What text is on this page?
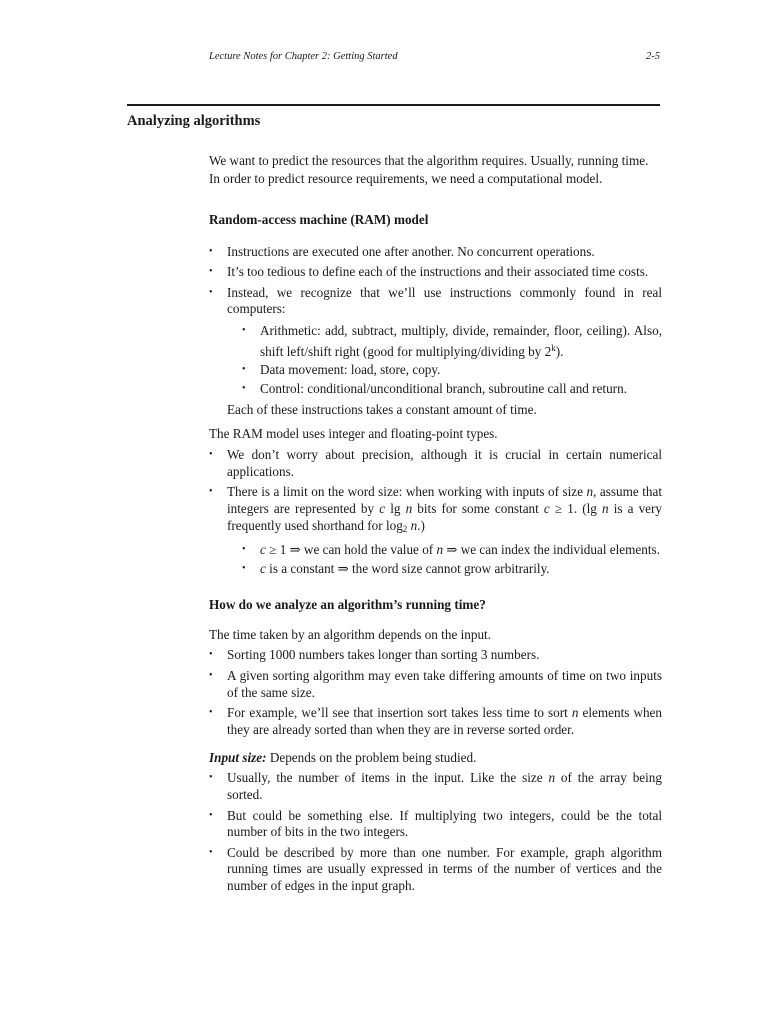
Lecture Notes for Chapter 2: Getting Started	2-5
Analyzing algorithms

We want to predict the resources that the algorithm requires. Usually, running time.

In order to predict resource requirements, we need a computational model.

Random-access machine (RAM) model

• Instructions are executed one after another. No concurrent operations.
• It’s too tedious to define each of the instructions and their associated time costs.
• Instead, we recognize that we’ll use instructions commonly found in real computers:
• Arithmetic: add, subtract, multiply, divide, remainder, floor, ceiling). Also, shift left/shift right (good for multiplying/dividing by 2$^k$).
• Data movement: load, store, copy.
• Control: conditional/unconditional branch, subroutine call and return.

Each of these instructions takes a constant amount of time.

The RAM model uses integer and floating-point types.

• We don’t worry about precision, although it is crucial in certain numerical applications.
• There is a limit on the word size: when working with inputs of size n, assume that integers are represented by c lg n bits for some constant c ≥ 1. (lg n is a very frequently used shorthand for log2 n.)
• c ≥ 1 ⇒ we can hold the value of n ⇒ we can index the individual elements.
• c is a constant ⇒ the word size cannot grow arbitrarily.

How do we analyze an algorithm’s running time?

The time taken by an algorithm depends on the input.

• Sorting 1000 numbers takes longer than sorting 3 numbers.
• A given sorting algorithm may even take differing amounts of time on two inputs of the same size.
• For example, we’ll see that insertion sort takes less time to sort n elements when they are already sorted than when they are in reverse sorted order.

Input size: Depends on the problem being studied.

• Usually, the number of items in the input. Like the size n of the array being sorted.
• But could be something else. If multiplying two integers, could be the total number of bits in the two integers.
• Could be described by more than one number. For example, graph algorithm running times are usually expressed in terms of the number of vertices and the number of edges in the input graph.
